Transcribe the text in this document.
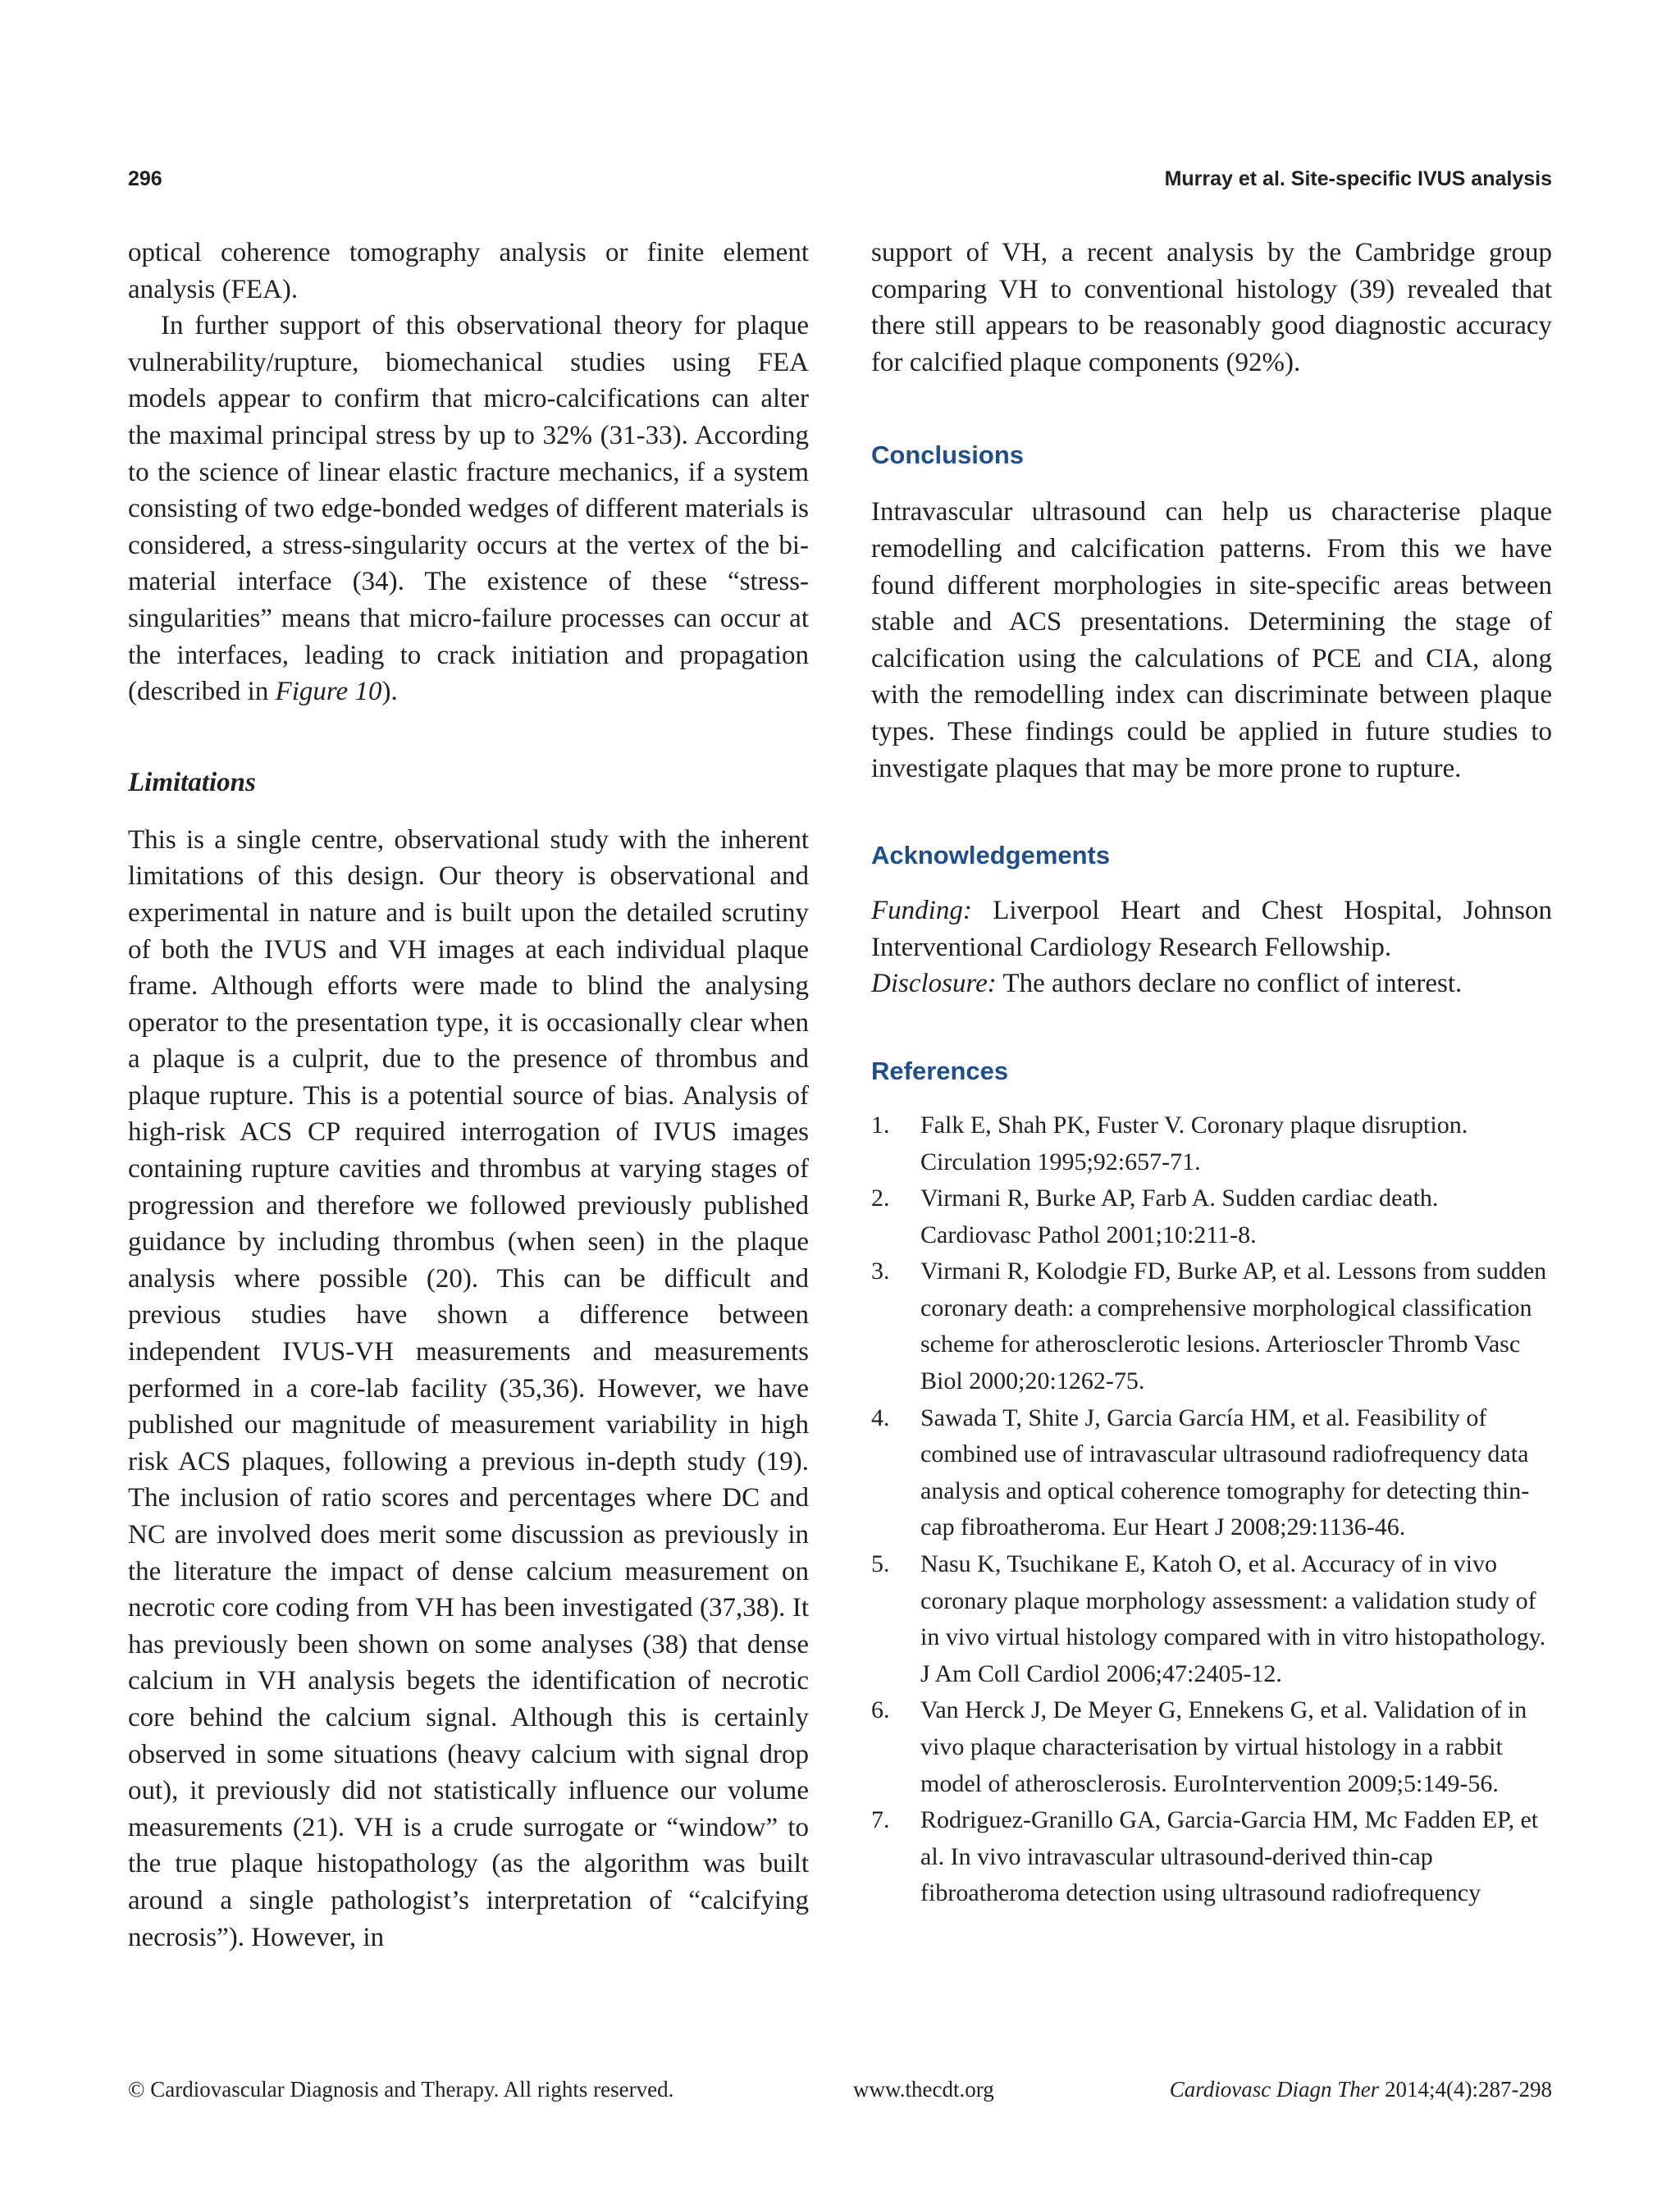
296	Murray et al. Site-specific IVUS analysis

optical coherence tomography analysis or finite element analysis (FEA).

In further support of this observational theory for plaque vulnerability/rupture, biomechanical studies using FEA models appear to confirm that micro-calcifications can alter the maximal principal stress by up to 32% (31-33). According to the science of linear elastic fracture mechanics, if a system consisting of two edge-bonded wedges of different materials is considered, a stress-singularity occurs at the vertex of the bi-material interface (34). The existence of these “stress-singularities” means that micro-failure processes can occur at the interfaces, leading to crack initiation and propagation (described in Figure 10).

Limitations

This is a single centre, observational study with the inherent limitations of this design. Our theory is observational and experimental in nature and is built upon the detailed scrutiny of both the IVUS and VH images at each individual plaque frame. Although efforts were made to blind the analysing operator to the presentation type, it is occasionally clear when a plaque is a culprit, due to the presence of thrombus and plaque rupture. This is a potential source of bias. Analysis of high-risk ACS CP required interrogation of IVUS images containing rupture cavities and thrombus at varying stages of progression and therefore we followed previously published guidance by including thrombus (when seen) in the plaque analysis where possible (20). This can be difficult and previous studies have shown a difference between independent IVUS-VH measurements and measurements performed in a core-lab facility (35,36). However, we have published our magnitude of measurement variability in high risk ACS plaques, following a previous in-depth study (19). The inclusion of ratio scores and percentages where DC and NC are involved does merit some discussion as previously in the literature the impact of dense calcium measurement on necrotic core coding from VH has been investigated (37,38). It has previously been shown on some analyses (38) that dense calcium in VH analysis begets the identification of necrotic core behind the calcium signal. Although this is certainly observed in some situations (heavy calcium with signal drop out), it previously did not statistically influence our volume measurements (21). VH is a crude surrogate or “window” to the true plaque histopathology (as the algorithm was built around a single pathologist’s interpretation of “calcifying necrosis”). However, in

support of VH, a recent analysis by the Cambridge group comparing VH to conventional histology (39) revealed that there still appears to be reasonably good diagnostic accuracy for calcified plaque components (92%).

Conclusions

Intravascular ultrasound can help us characterise plaque remodelling and calcification patterns. From this we have found different morphologies in site-specific areas between stable and ACS presentations. Determining the stage of calcification using the calculations of PCE and CIA, along with the remodelling index can discriminate between plaque types. These findings could be applied in future studies to investigate plaques that may be more prone to rupture.

Acknowledgements

Funding: Liverpool Heart and Chest Hospital, Johnson Interventional Cardiology Research Fellowship.

Disclosure: The authors declare no conflict of interest.

References
1.	Falk E, Shah PK, Fuster V. Coronary plaque disruption. Circulation 1995;92:657-71.
2.	Virmani R, Burke AP, Farb A. Sudden cardiac death. Cardiovasc Pathol 2001;10:211-8.
3.	Virmani R, Kolodgie FD, Burke AP, et al. Lessons from sudden coronary death: a comprehensive morphological classification scheme for atherosclerotic lesions. Arterioscler Thromb Vasc Biol 2000;20:1262-75.
4.	Sawada T, Shite J, Garcia García HM, et al. Feasibility of combined use of intravascular ultrasound radiofrequency data analysis and optical coherence tomography for detecting thin-cap fibroatheroma. Eur Heart J 2008;29:1136-46.
5.	Nasu K, Tsuchikane E, Katoh O, et al. Accuracy of in vivo coronary plaque morphology assessment: a validation study of in vivo virtual histology compared with in vitro histopathology. J Am Coll Cardiol 2006;47:2405-12.
6.	Van Herck J, De Meyer G, Ennekens G, et al. Validation of in vivo plaque characterisation by virtual histology in a rabbit model of atherosclerosis. EuroIntervention 2009;5:149-56.
7.	Rodriguez-Granillo GA, Garcia-Garcia HM, Mc Fadden EP, et al. In vivo intravascular ultrasound-derived thin-cap fibroatheroma detection using ultrasound radiofrequency
© Cardiovascular Diagnosis and Therapy. All rights reserved.	www.thecdt.org	Cardiovasc Diagn Ther 2014;4(4):287-298
